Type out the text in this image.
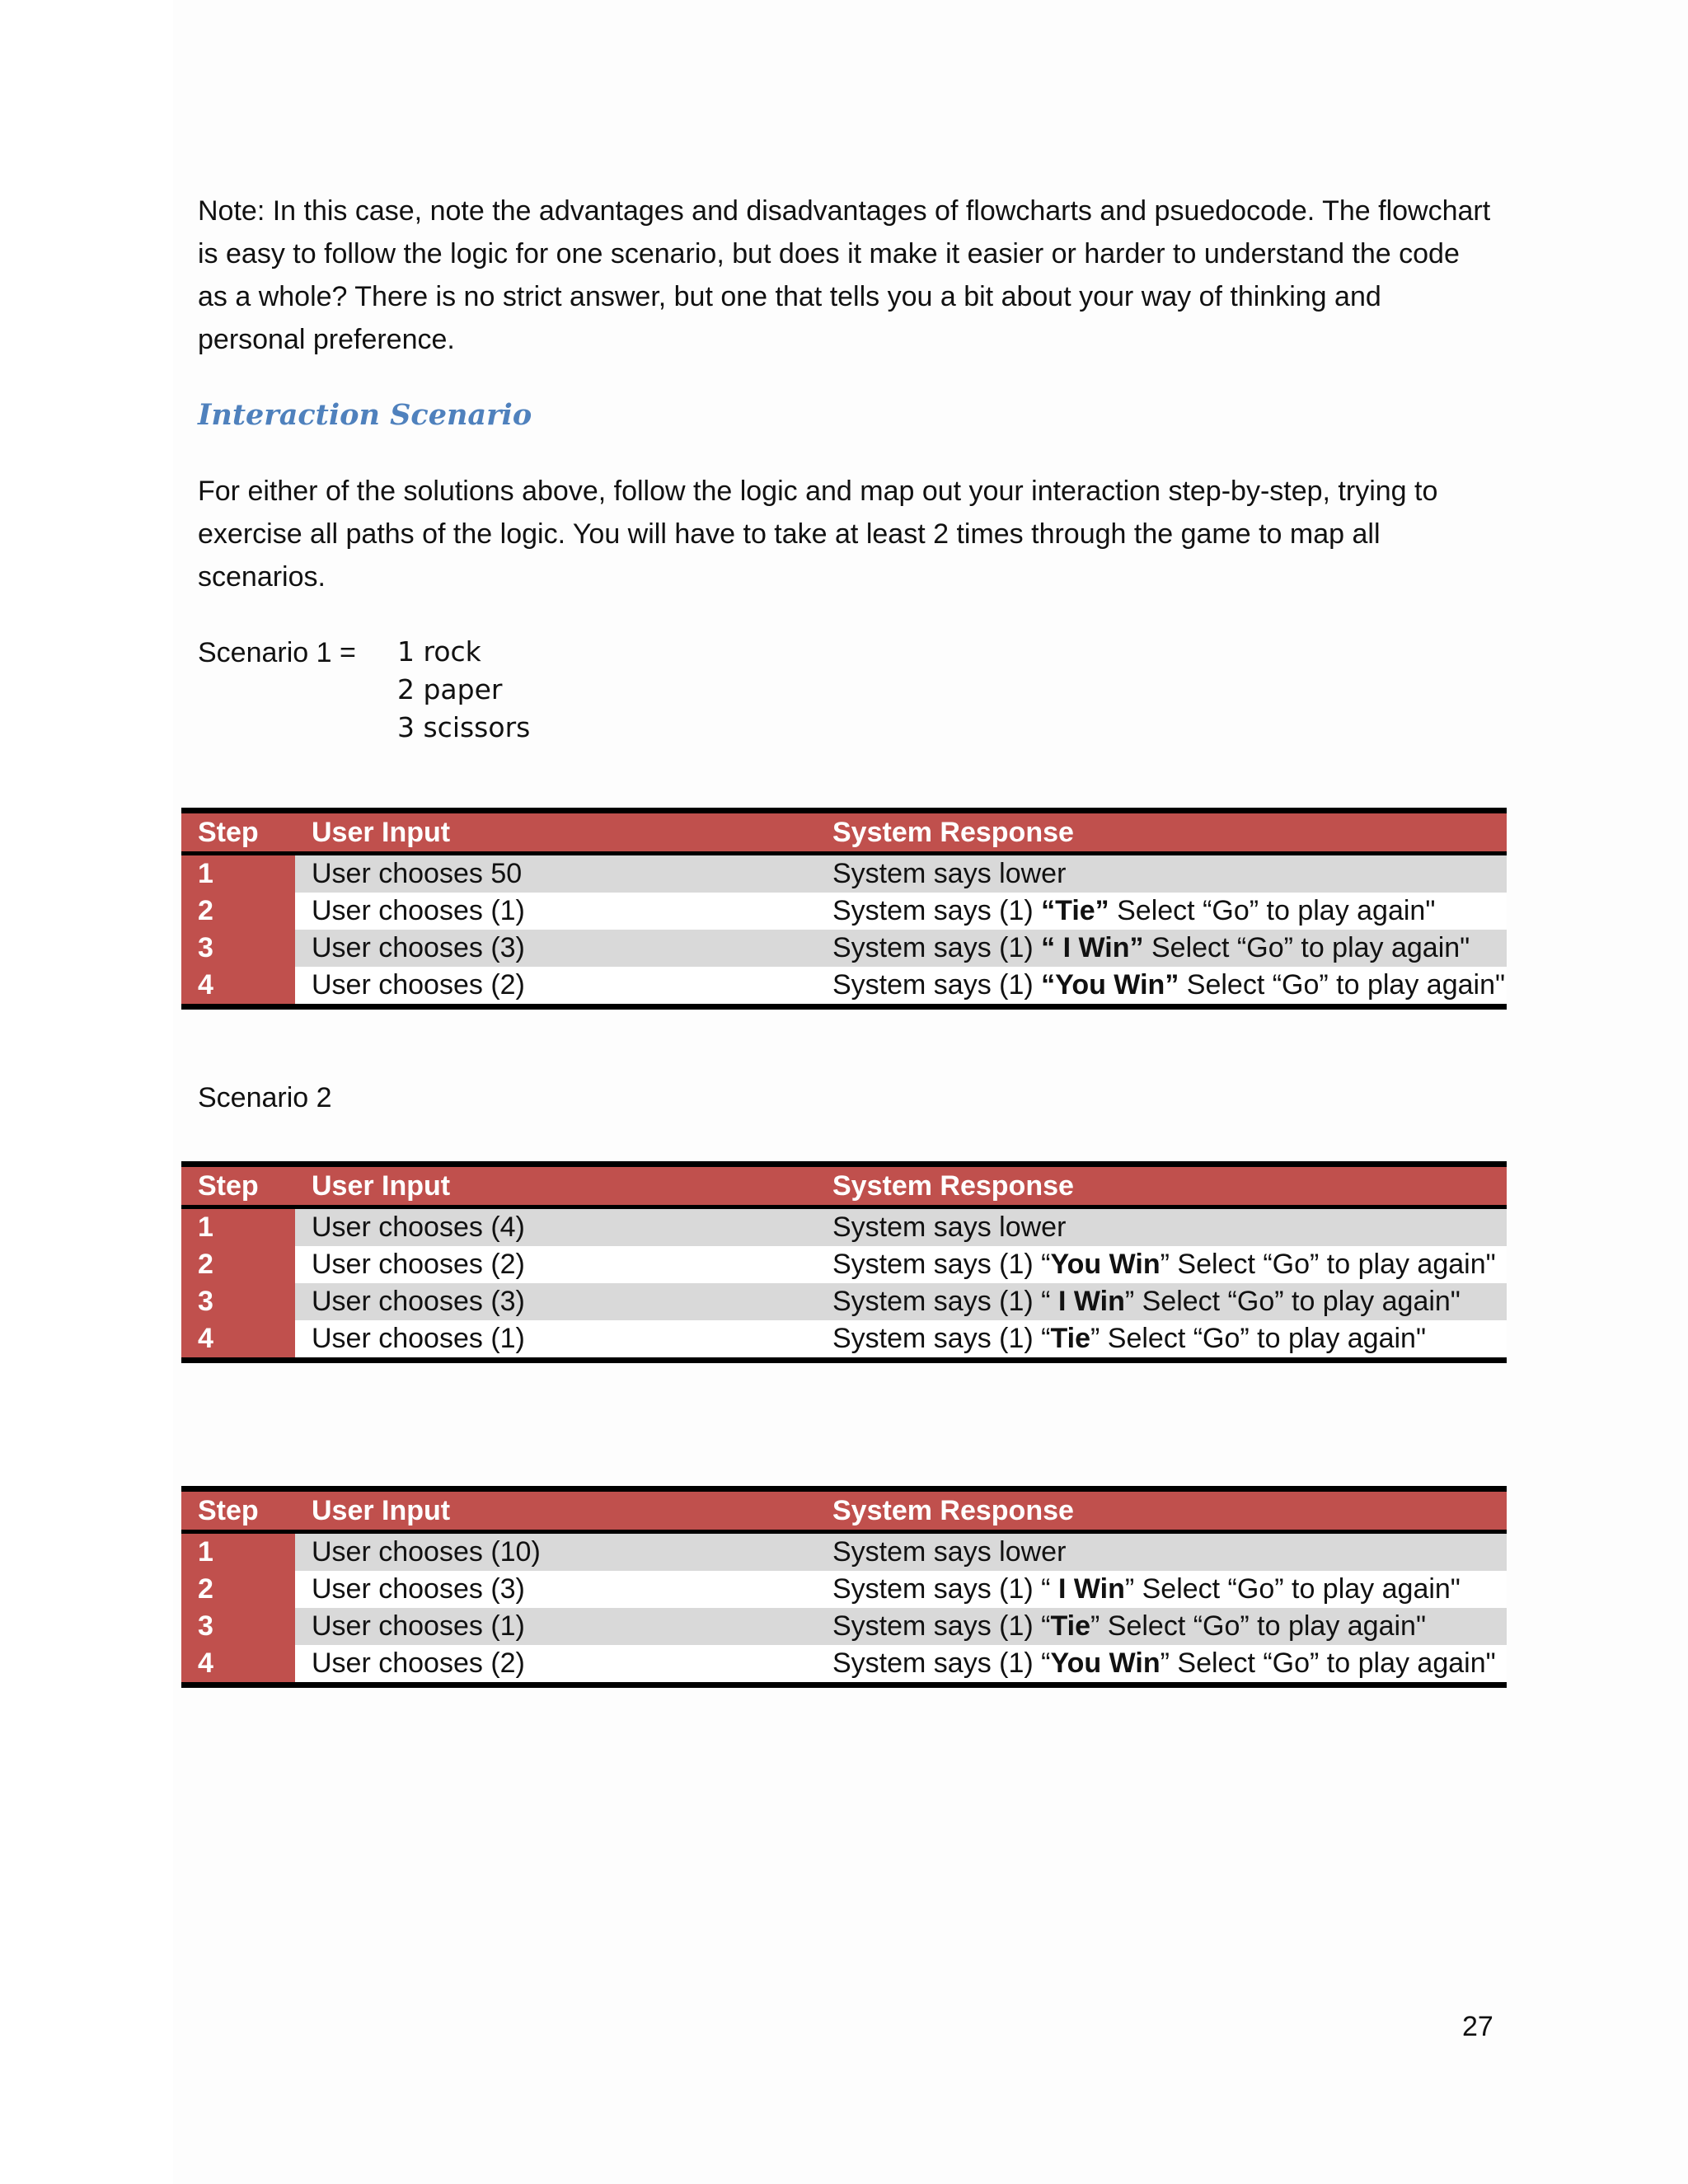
Note: In this case, note the advantages and disadvantages of flowcharts and psuedocode. The flowchart
is easy to follow the logic for one scenario, but does it make it easier or harder to understand the code
as a whole? There is no strict answer, but one that tells you a bit about your way of thinking and
personal preference.

Interaction Scenario

For either of the solutions above, follow the logic and map out your interaction step-by-step, trying to
exercise all paths of the logic. You will have to take at least 2 times through the game to map all
scenarios.

Scenario 1 =	1 rock
2 paper
3 scissors
Step	User Input	System Response
1	User chooses 50	System says lower
2	User chooses (1)	System says (1) “Tie” Select “Go” to play again"
3	User chooses (3)	System says (1) “ I Win” Select “Go” to play again"
4	User chooses (2)	System says (1) “You Win” Select “Go” to play again"
Scenario 2
Step	User Input	System Response
1	User chooses (4)	System says lower
2	User chooses (2)	System says (1) “You Win” Select “Go” to play again"
3	User chooses (3)	System says (1) “ I Win” Select “Go” to play again"
4	User chooses (1)	System says (1) “Tie” Select “Go” to play again"
Step	User Input	System Response
1	User chooses (10)	System says lower
2	User chooses (3)	System says (1) “ I Win” Select “Go” to play again"
3	User chooses (1)	System says (1) “Tie” Select “Go” to play again"
4	User chooses (2)	System says (1) “You Win” Select “Go” to play again"
27
